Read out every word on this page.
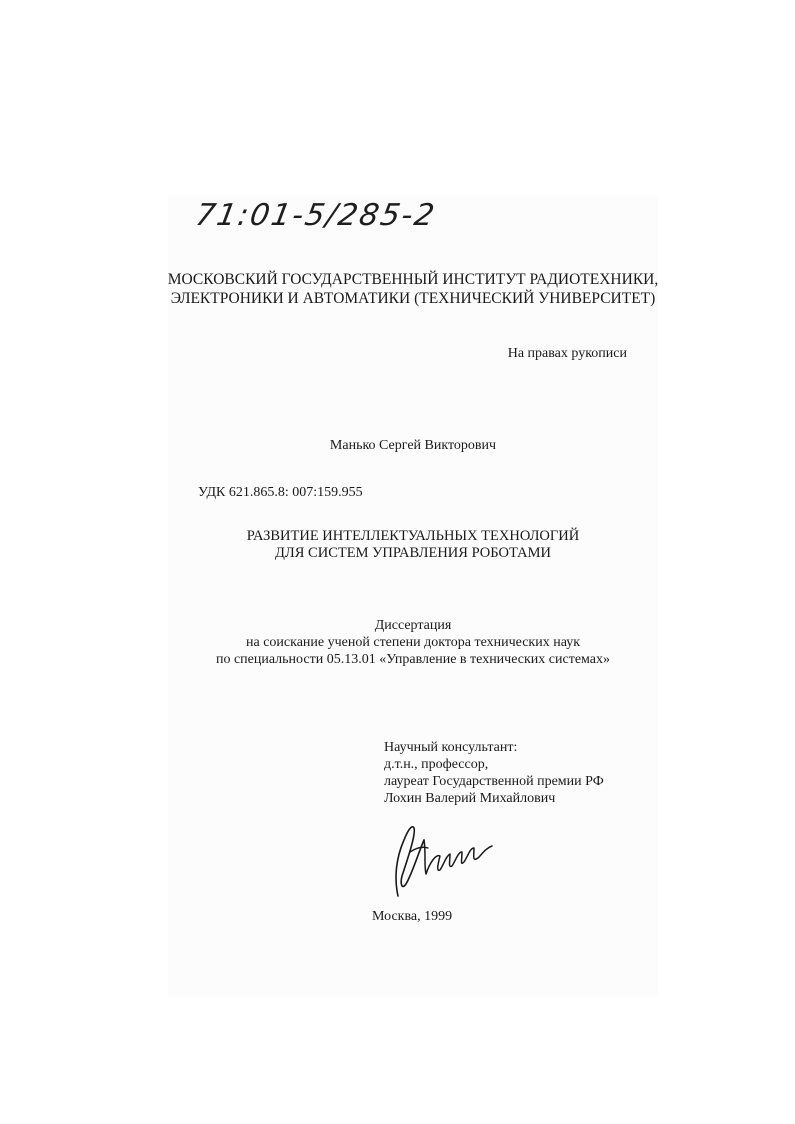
71:01-5/285-2
МОСКОВСКИЙ ГОСУДАРСТВЕННЫЙ ИНСТИТУТ РАДИОТЕХНИКИ,
ЭЛЕКТРОНИКИ И АВТОМАТИКИ (ТЕХНИЧЕСКИЙ УНИВЕРСИТЕТ)
На правах рукописи
Манько Сергей Викторович
УДК 621.865.8: 007:159.955
РАЗВИТИЕ ИНТЕЛЛЕКТУАЛЬНЫХ ТЕХНОЛОГИЙ
ДЛЯ СИСТЕМ УПРАВЛЕНИЯ РОБОТАМИ
Диссертация
на соискание ученой степени доктора технических наук
по специальности 05.13.01 «Управление в технических системах»
Научный консультант:
д.т.н., профессор,
лауреат Государственной премии РФ
Лохин Валерий Михайлович
Москва, 1999
